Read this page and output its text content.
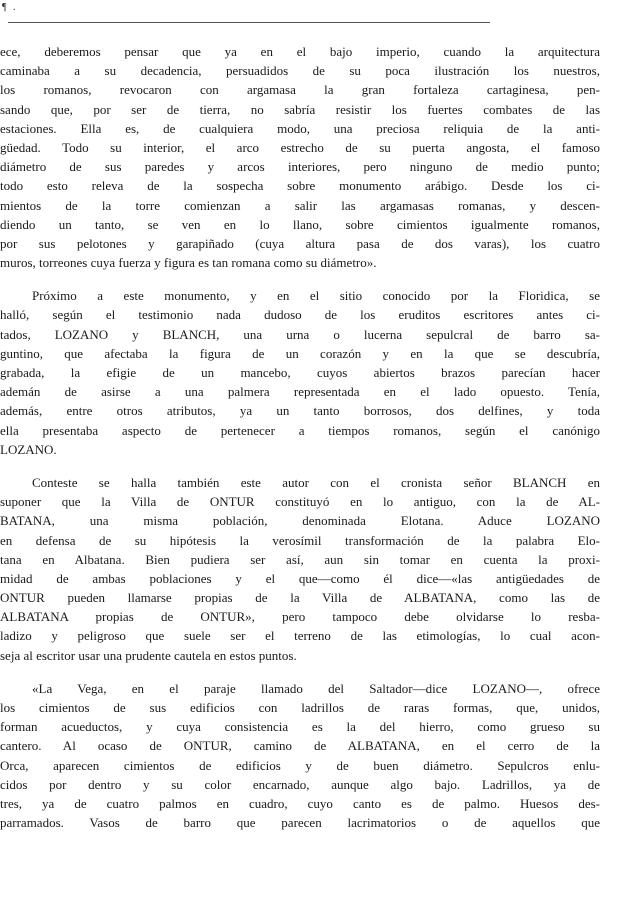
¶ .
ece, deberemos pensar que ya en el bajo imperio, cuando la arquitectura
caminaba a su decadencia, persuadidos de su poca ilustración los nuestros,
los romanos, revocaron con argamasa la gran fortaleza cartaginesa, pen-
sando que, por ser de tierra, no sabría resistir los fuertes combates de las
estaciones. Ella es, de cualquiera modo, una preciosa reliquia de la anti-
güedad. Todo su interior, el arco estrecho de su puerta angosta, el famoso
diámetro de sus paredes y arcos interiores, pero ninguno de medio punto;
todo esto releva de la sospecha sobre monumento arábigo. Desde los ci-
mientos de la torre comienzan a salir las argamasas romanas, y descen-
diendo un tanto, se ven en lo llano, sobre cimientos igualmente romanos,
por sus pelotones y garapiñado (cuya altura pasa de dos varas), los cuatro
muros, torreones cuya fuerza y figura es tan romana como su diámetro».
Próximo a este monumento, y en el sitio conocido por la Floridica, se
halló, según el testimonio nada dudoso de los eruditos escritores antes ci-
tados, LOZANO y BLANCH, una urna o lucerna sepulcral de barro sa-
guntino, que afectaba la figura de un corazón y en la que se descubría,
grabada, la efigie de un mancebo, cuyos abiertos brazos parecían hacer
ademán de asirse a una palmera representada en el lado opuesto. Tenía,
además, entre otros atributos, ya un tanto borrosos, dos delfines, y toda
ella presentaba aspecto de pertenecer a tiempos romanos, según el canónigo
LOZANO.
Conteste se halla también este autor con el cronista señor BLANCH en
suponer que la Villa de ONTUR constituyó en lo antiguo, con la de AL-
BATANA, una misma población, denominada Elotana. Aduce LOZANO
en defensa de su hipótesis la verosímil transformación de la palabra Elo-
tana en Albatana. Bien pudiera ser así, aun sin tomar en cuenta la proxi-
midad de ambas poblaciones y el que—como él dice—«las antigüedades de
ONTUR pueden llamarse propias de la Villa de ALBATANA, como las de
ALBATANA propias de ONTUR», pero tampoco debe olvidarse lo resba-
ladizo y peligroso que suele ser el terreno de las etimologías, lo cual acon-
seja al escritor usar una prudente cautela en estos puntos.
«La Vega, en el paraje llamado del Saltador—dice LOZANO—, ofrece
los cimientos de sus edificios con ladrillos de raras formas, que, unidos,
forman acueductos, y cuya consistencia es la del hierro, como grueso su
cantero. Al ocaso de ONTUR, camino de ALBATANA, en el cerro de la
Orca, aparecen cimientos de edificios y de buen diámetro. Sepulcros enlu-
cidos por dentro y su color encarnado, aunque algo bajo. Ladrillos, ya de
tres, ya de cuatro palmos en cuadro, cuyo canto es de palmo. Huesos des-
parramados. Vasos de barro que parecen lacrimatorios o de aquellos que
